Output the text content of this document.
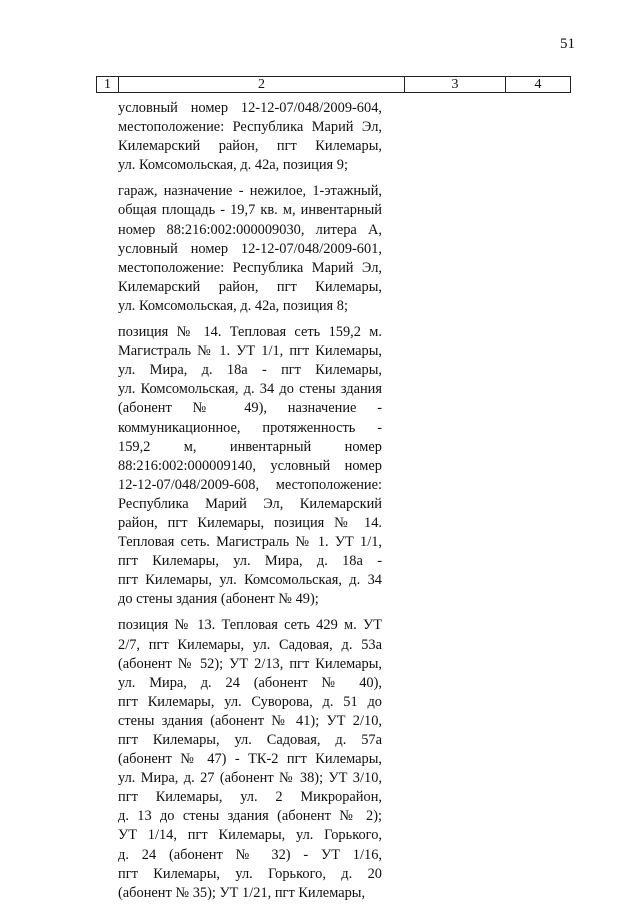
51
1	2	3	4
условный номер 12-12-07/048/2009-604,
местоположение: Республика Марий Эл,
Килемарский район, пгт Килемары,
ул. Комсомольская, д. 42а, позиция 9;
гараж, назначение - нежилое, 1-этажный,
общая площадь - 19,7 кв. м, инвентарный
номер 88:216:002:000009030, литера А,
условный номер 12-12-07/048/2009-601,
местоположение: Республика Марий Эл,
Килемарский район, пгт Килемары,
ул. Комсомольская, д. 42а, позиция 8;
позиция № 14. Тепловая сеть 159,2 м.
Магистраль № 1. УТ 1/1, пгт Килемары,
ул. Мира, д. 18а - пгт Килемары,
ул. Комсомольская, д. 34 до стены здания
(абонент № 49), назначение -
коммуникационное, протяженность -
159,2 м, инвентарный номер
88:216:002:000009140, условный номер
12-12-07/048/2009-608, местоположение:
Республика Марий Эл, Килемарский
район, пгт Килемары, позиция № 14.
Тепловая сеть. Магистраль № 1. УТ 1/1,
пгт Килемары, ул. Мира, д. 18а -
пгт Килемары, ул. Комсомольская, д. 34
до стены здания (абонент № 49);
позиция № 13. Тепловая сеть 429 м. УТ
2/7, пгт Килемары, ул. Садовая, д. 53а
(абонент № 52); УТ 2/13, пгт Килемары,
ул. Мира, д. 24 (абонент № 40),
пгт Килемары, ул. Суворова, д. 51 до
стены здания (абонент № 41); УТ 2/10,
пгт Килемары, ул. Садовая, д. 57а
(абонент № 47) - ТК-2 пгт Килемары,
ул. Мира, д. 27 (абонент № 38); УТ 3/10,
пгт Килемары, ул. 2 Микрорайон,
д. 13 до стены здания (абонент № 2);
УТ 1/14, пгт Килемары, ул. Горького,
д. 24 (абонент № 32) - УТ 1/16,
пгт Килемары, ул. Горького, д. 20
(абонент № 35); УТ 1/21, пгт Килемары,
